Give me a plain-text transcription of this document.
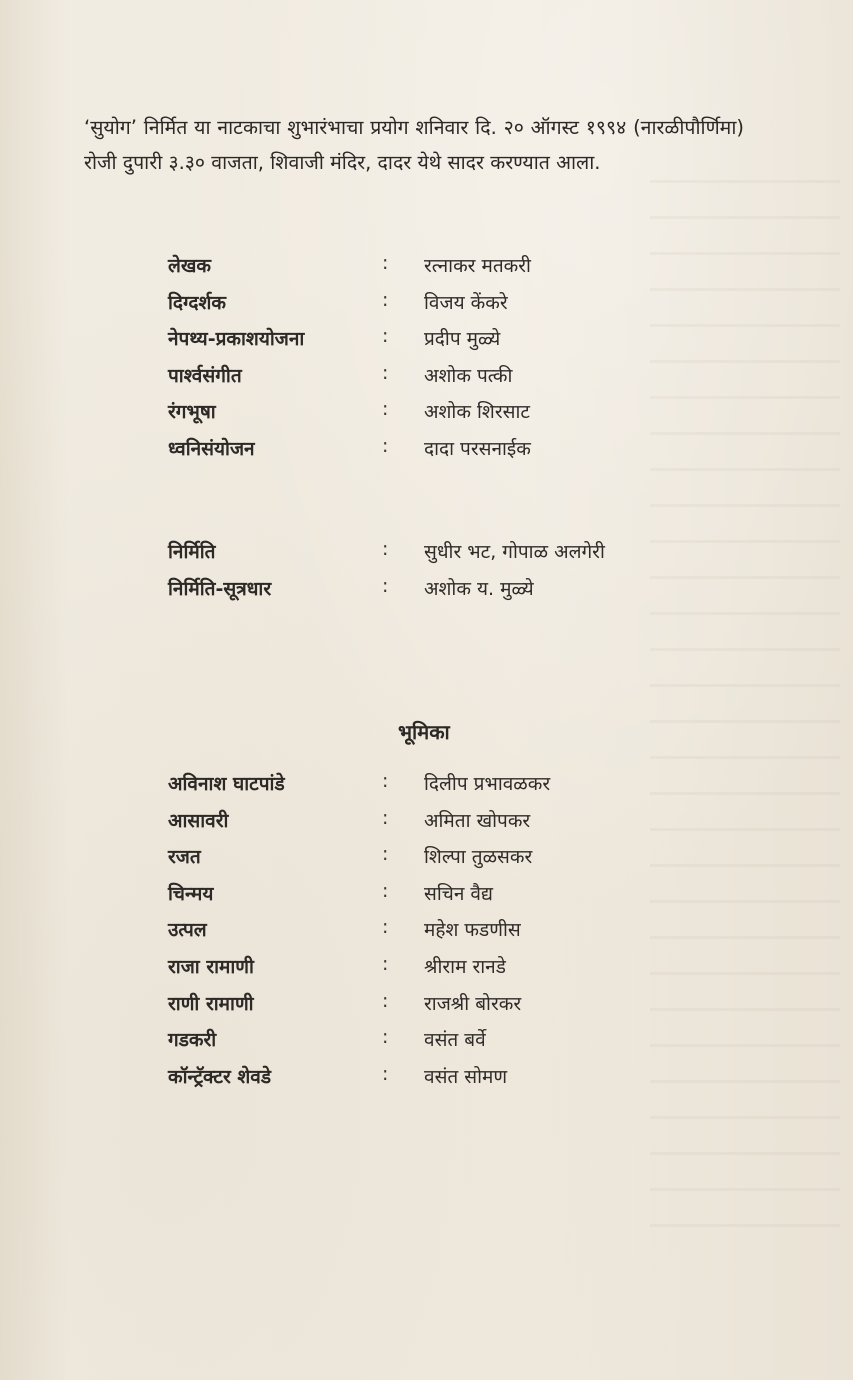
‘सुयोग’ निर्मित या नाटकाचा शुभारंभाचा प्रयोग शनिवार दि. २० ऑगस्ट १९९४ (नारळीपौर्णिमा) रोजी दुपारी ३.३० वाजता, शिवाजी मंदिर, दादर येथे सादर करण्यात आला.

लेखक	: रत्नाकर मतकरी
दिग्दर्शक	: विजय केंकरे
नेपथ्य-प्रकाशयोजना	: प्रदीप मुळ्ये
पार्श्वसंगीत	: अशोक पत्की
रंगभूषा	: अशोक शिरसाट
ध्वनिसंयोजन	: दादा परसनाईक
निर्मिति	: सुधीर भट, गोपाळ अलगेरी
निर्मिति-सूत्रधार	: अशोक य. मुळ्ये
भूमिका
अविनाश घाटपांडे	: दिलीप प्रभावळकर
आसावरी	: अमिता खोपकर
रजत	: शिल्पा तुळसकर
चिन्मय	: सचिन वैद्य
उत्पल	: महेश फडणीस
राजा रामाणी	: श्रीराम रानडे
राणी रामाणी	: राजश्री बोरकर
गडकरी	: वसंत बर्वे
कॉन्ट्रॅक्टर शेवडे	: वसंत सोमण
